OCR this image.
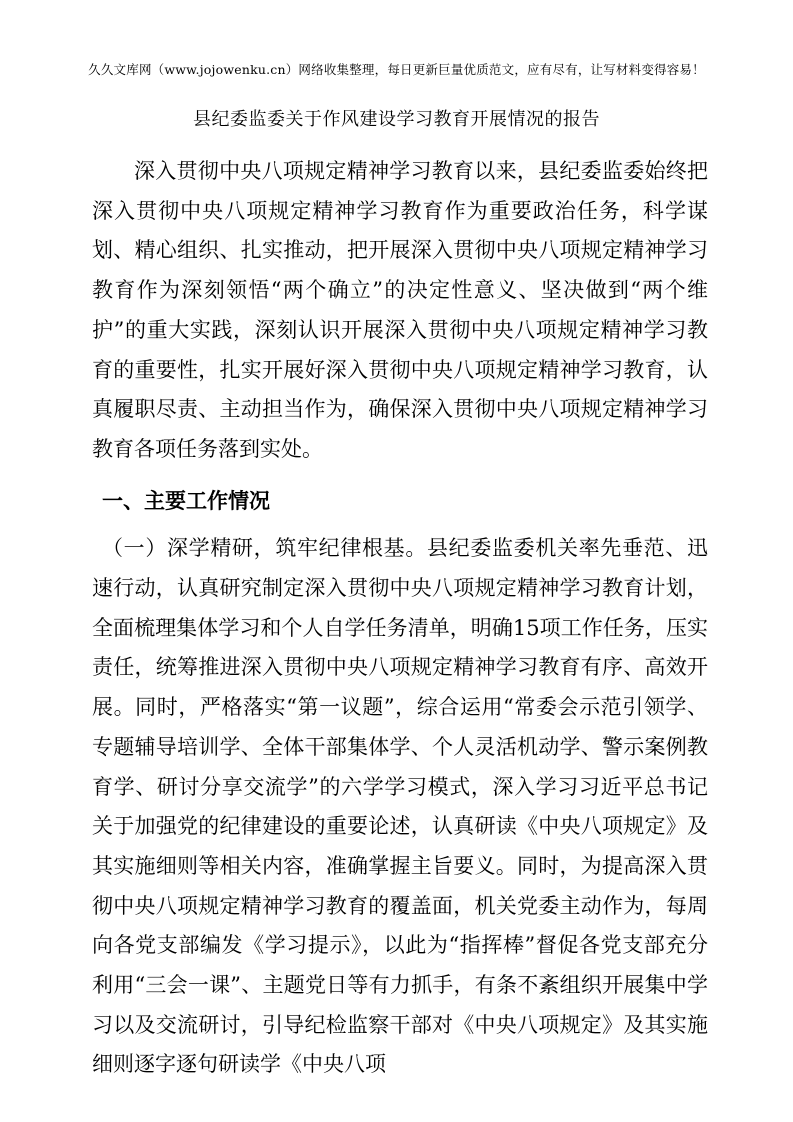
久久文库网（www.jojowenku.cn）网络收集整理，每日更新巨量优质范文，应有尽有，让写材料变得容易！
县纪委监委关于作风建设学习教育开展情况的报告

深入贯彻中央八项规定精神学习教育以来，县纪委监委始终把深入贯彻中央八项规定精神学习教育作为重要政治任务，科学谋划、精心组织、扎实推动，把开展深入贯彻中央八项规定精神学习教育作为深刻领悟“两个确立”的决定性意义、坚决做到“两个维护”的重大实践，深刻认识开展深入贯彻中央八项规定精神学习教育的重要性，扎实开展好深入贯彻中央八项规定精神学习教育，认真履职尽责、主动担当作为，确保深入贯彻中央八项规定精神学习教育各项任务落到实处。

一、主要工作情况

（一）深学精研，筑牢纪律根基。县纪委监委机关率先垂范、迅速行动，认真研究制定深入贯彻中央八项规定精神学习教育计划，全面梳理集体学习和个人自学任务清单，明确15项工作任务，压实责任，统筹推进深入贯彻中央八项规定精神学习教育有序、高效开展。同时，严格落实“第一议题”，综合运用“常委会示范引领学、专题辅导培训学、全体干部集体学、个人灵活机动学、警示案例教育学、研讨分享交流学”的六学学习模式，深入学习习近平总书记关于加强党的纪律建设的重要论述，认真研读《中央八项规定》及其实施细则等相关内容，准确掌握主旨要义。同时，为提高深入贯彻中央八项规定精神学习教育的覆盖面，机关党委主动作为，每周向各党支部编发《学习提示》，以此为“指挥棒”督促各党支部充分利用“三会一课”、主题党日等有力抓手，有条不紊组织开展集中学习以及交流研讨，引导纪检监察干部对《中央八项规定》及其实施细则逐字逐句研读学《中央八项
